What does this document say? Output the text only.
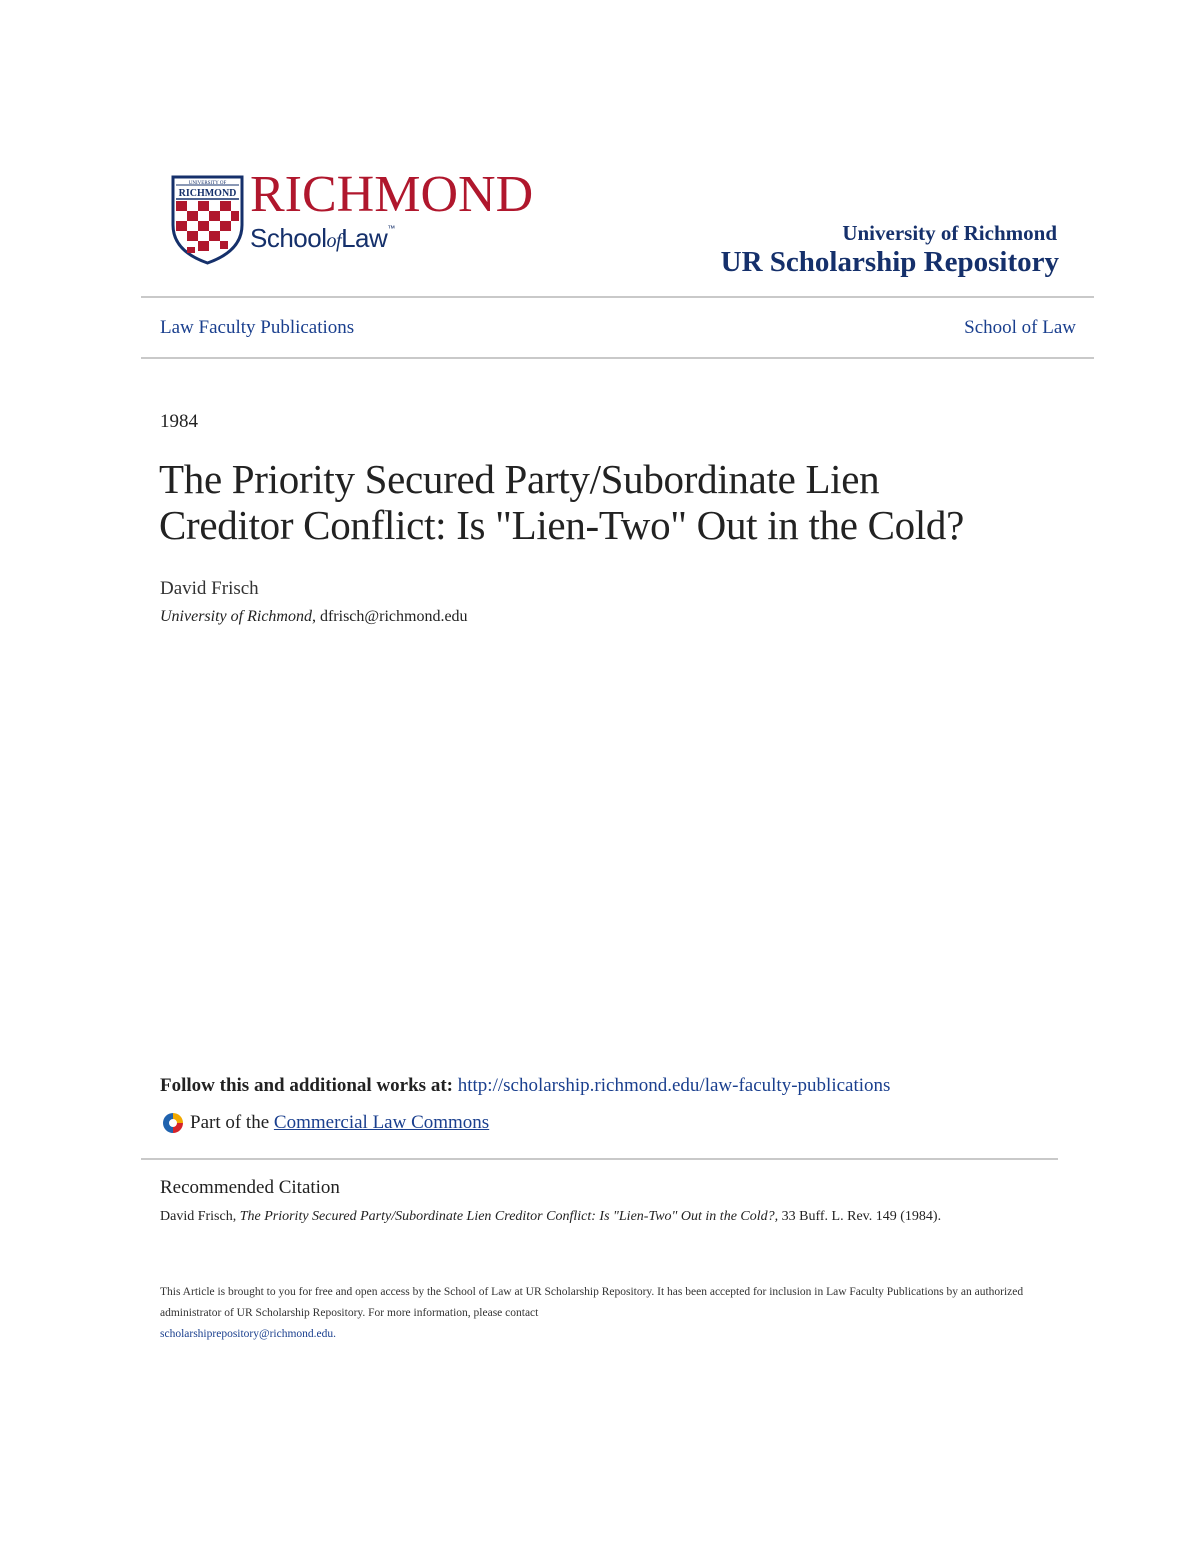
UNIVERSITY OF
RICHMOND RICHMOND
SchoolofLaw™	University of Richmond
UR Scholarship Repository
Law Faculty Publications	School of Law
1984
The Priority Secured Party/Subordinate Lien
Creditor Conflict: Is "Lien-Two" Out in the Cold?
David Frisch
University of Richmond, dfrisch@richmond.edu
Follow this and additional works at: http://scholarship.richmond.edu/law-faculty-publications
Part of the
Commercial Law Commons
Recommended Citation
David Frisch, The Priority Secured Party/Subordinate Lien Creditor Conflict: Is "Lien-Two" Out in the Cold?, 33 Buff. L. Rev. 149 (1984).
This Article is brought to you for free and open access by the School of Law at UR Scholarship Repository. It has been accepted for inclusion in Law Faculty Publications by an authorized administrator of UR Scholarship Repository. For more information, please contact
scholarshiprepository@richmond.edu.
